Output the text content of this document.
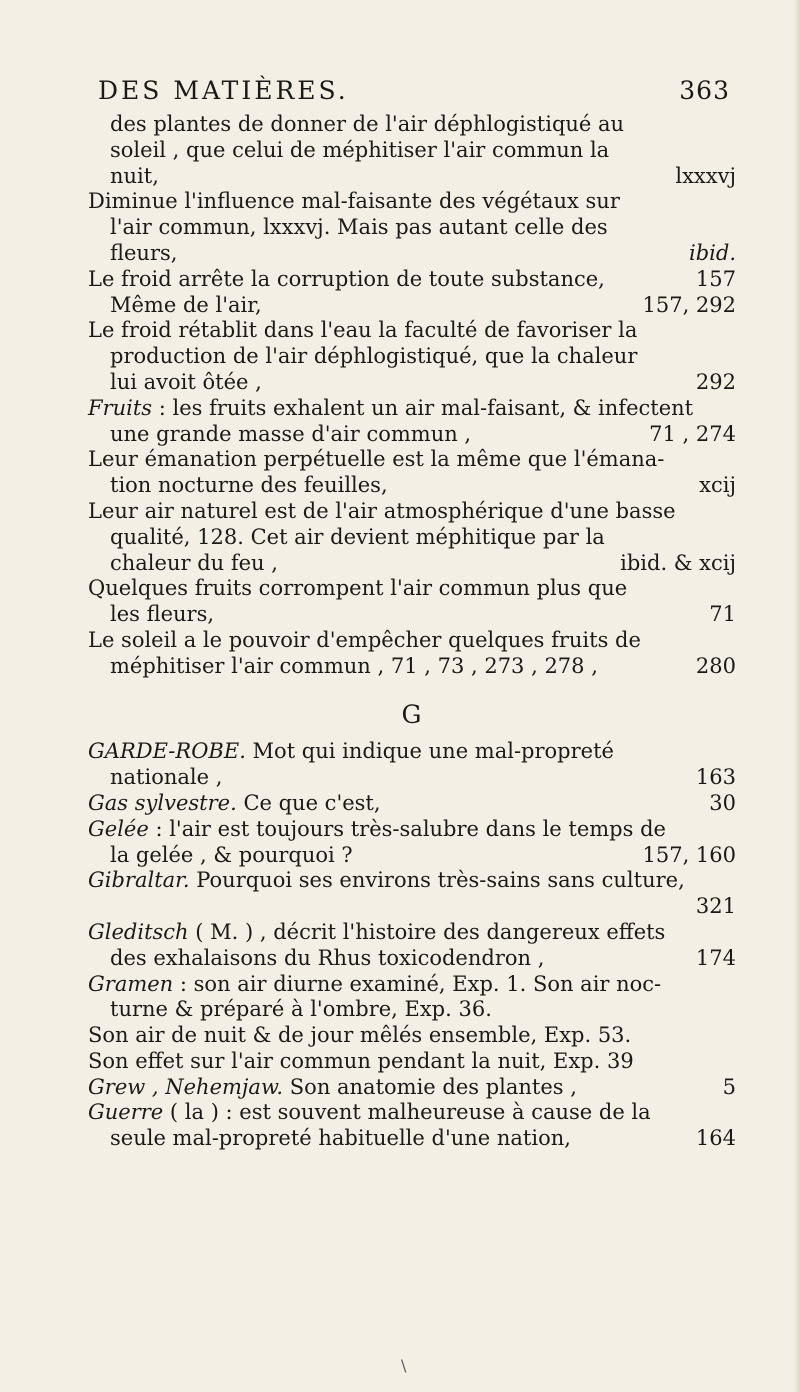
DES MATIÈRES.	363
des plantes de donner de l'air déphlogistiqué au
soleil , que celui de méphitiser l'air commun la
nuit,	lxxxvj
Diminue l'influence mal-faisante des végétaux sur
l'air commun, lxxxvj. Mais pas autant celle des
fleurs,	ibid.
Le froid arrête la corruption de toute substance,	157
Même de l'air,	157, 292
Le froid rétablit dans l'eau la faculté de favoriser la
production de l'air déphlogistiqué, que la chaleur
lui avoit ôtée ,	292
Fruits : les fruits exhalent un air mal-faisant, & infectent
une grande masse d'air commun ,	71 , 274
Leur émanation perpétuelle est la même que l'émana-
tion nocturne des feuilles,	xcij
Leur air naturel est de l'air atmosphérique d'une basse
qualité, 128. Cet air devient méphitique par la
chaleur du feu ,	ibid. & xcij
Quelques fruits corrompent l'air commun plus que
les fleurs,	71
Le soleil a le pouvoir d'empêcher quelques fruits de
méphitiser l'air commun , 71 , 73 , 273 , 278 ,	280
G
GARDE-ROBE. Mot qui indique une mal-propreté
nationale ,	163
Gas sylvestre. Ce que c'est,	30
Gelée : l'air est toujours très-salubre dans le temps de
la gelée , & pourquoi ?	157, 160
Gibraltar. Pourquoi ses environs très-sains sans culture,
321
Gleditsch ( M. ) , décrit l'histoire des dangereux effets
des exhalaisons du Rhus toxicodendron ,	174
Gramen : son air diurne examiné, Exp. 1. Son air noc-
turne & préparé à l'ombre, Exp. 36.
Son air de nuit & de jour mêlés ensemble, Exp. 53.
Son effet sur l'air commun pendant la nuit, Exp. 39
Grew , Nehemjaw. Son anatomie des plantes ,	5
Guerre ( la ) : est souvent malheureuse à cause de la
seule mal-propreté habituelle d'une nation,	164
\
